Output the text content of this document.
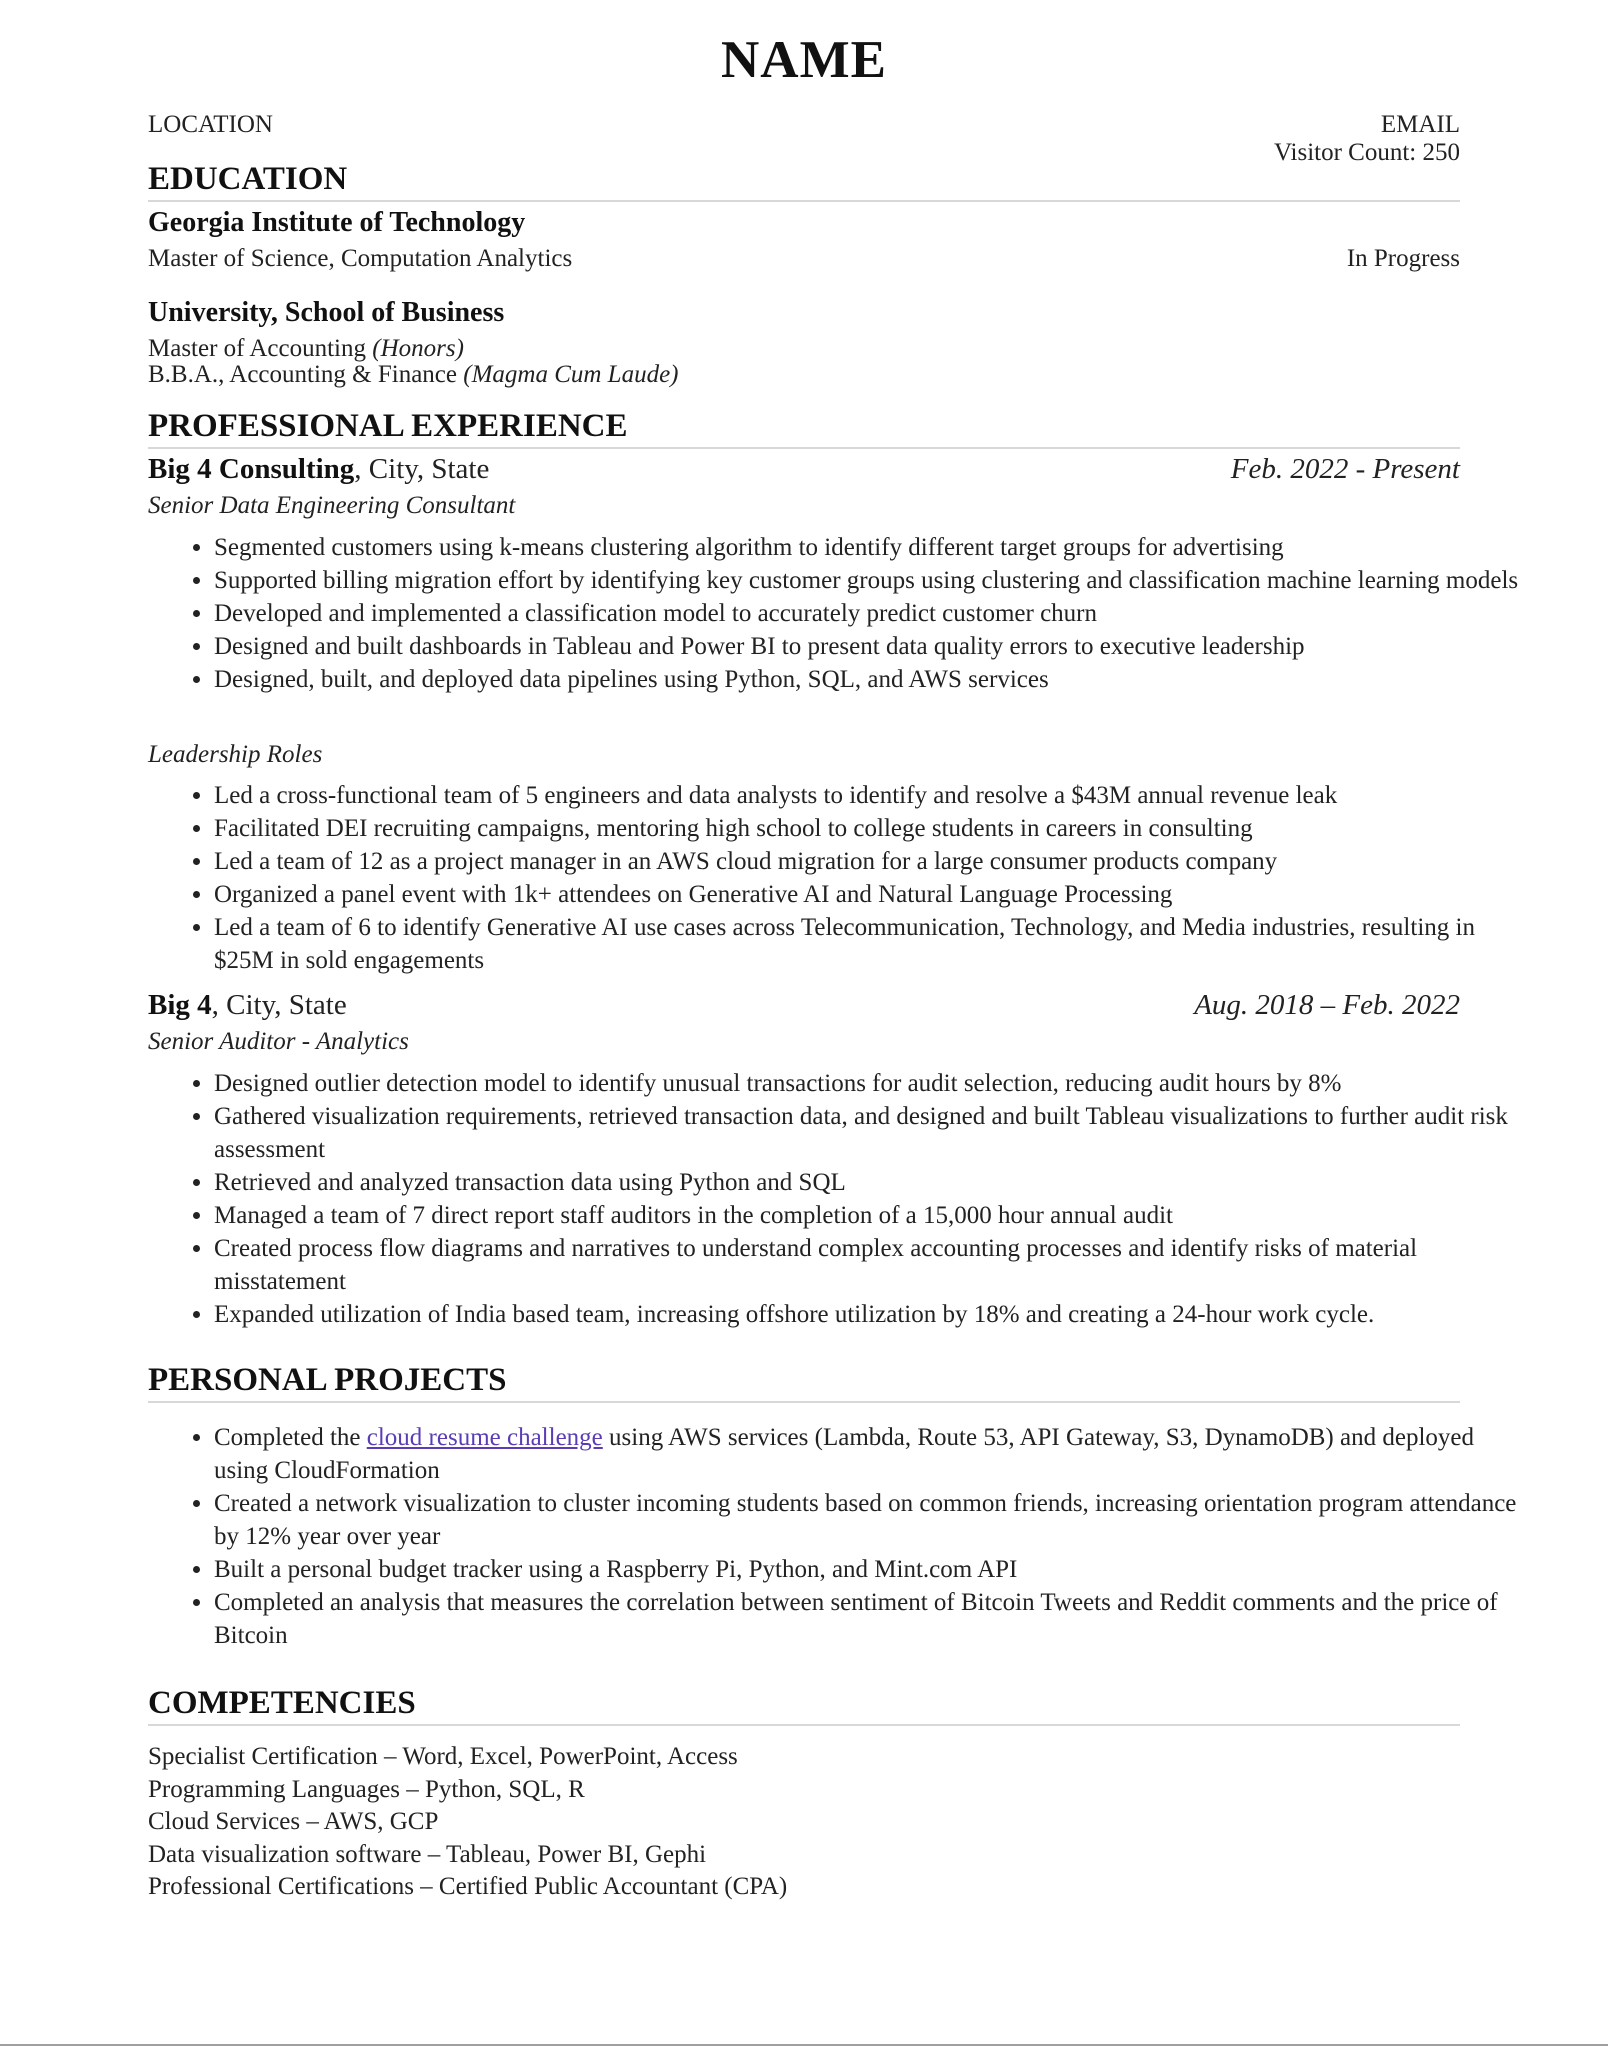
NAME
LOCATION	EMAIL
Visitor Count: 250
EDUCATION
Georgia Institute of Technology
Master of Science, Computation Analytics	In Progress
University, School of Business
Master of Accounting (Honors)
B.B.A., Accounting & Finance (Magma Cum Laude)
PROFESSIONAL EXPERIENCE
Big 4 Consulting, City, State	Feb. 2022 - Present
Senior Data Engineering Consultant
• Segmented customers using k-means clustering algorithm to identify different target groups for advertising
• Supported billing migration effort by identifying key customer groups using clustering and classification machine learning models
• Developed and implemented a classification model to accurately predict customer churn
• Designed and built dashboards in Tableau and Power BI to present data quality errors to executive leadership
• Designed, built, and deployed data pipelines using Python, SQL, and AWS services
Leadership Roles
• Led a cross-functional team of 5 engineers and data analysts to identify and resolve a $43M annual revenue leak
• Facilitated DEI recruiting campaigns, mentoring high school to college students in careers in consulting
• Led a team of 12 as a project manager in an AWS cloud migration for a large consumer products company
• Organized a panel event with 1k+ attendees on Generative AI and Natural Language Processing
• Led a team of 6 to identify Generative AI use cases across Telecommunication, Technology, and Media industries, resulting in $25M in sold engagements
Big 4, City, State	Aug. 2018 – Feb. 2022
Senior Auditor - Analytics
• Designed outlier detection model to identify unusual transactions for audit selection, reducing audit hours by 8%
• Gathered visualization requirements, retrieved transaction data, and designed and built Tableau visualizations to further audit risk assessment
• Retrieved and analyzed transaction data using Python and SQL
• Managed a team of 7 direct report staff auditors in the completion of a 15,000 hour annual audit
• Created process flow diagrams and narratives to understand complex accounting processes and identify risks of material misstatement
• Expanded utilization of India based team, increasing offshore utilization by 18% and creating a 24-hour work cycle.
PERSONAL PROJECTS
• Completed the cloud resume challenge using AWS services (Lambda, Route 53, API Gateway, S3, DynamoDB) and deployed using CloudFormation
• Created a network visualization to cluster incoming students based on common friends, increasing orientation program attendance by 12% year over year
• Built a personal budget tracker using a Raspberry Pi, Python, and Mint.com API
• Completed an analysis that measures the correlation between sentiment of Bitcoin Tweets and Reddit comments and the price of Bitcoin
COMPETENCIES
Specialist Certification – Word, Excel, PowerPoint, Access
Programming Languages – Python, SQL, R
Cloud Services – AWS, GCP
Data visualization software – Tableau, Power BI, Gephi
Professional Certifications – Certified Public Accountant (CPA)
